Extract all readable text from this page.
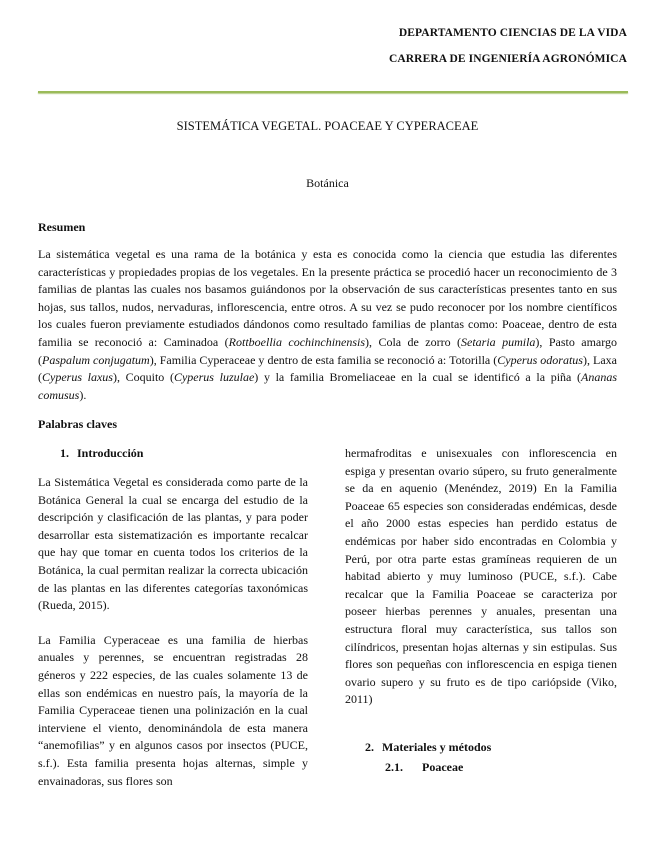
DEPARTAMENTO CIENCIAS DE LA VIDA
CARRERA DE INGENIERÍA AGRONÓMICA
SISTEMÁTICA VEGETAL. POACEAE Y CYPERACEAE
Botánica
Resumen

La sistemática vegetal es una rama de la botánica y esta es conocida como la ciencia que estudia las diferentes características y propiedades propias de los vegetales. En la presente práctica se procedió hacer un reconocimiento de 3 familias de plantas las cuales nos basamos guiándonos por la observación de sus características presentes tanto en sus hojas, sus tallos, nudos, nervaduras, inflorescencia, entre otros. A su vez se pudo reconocer por los nombre científicos los cuales fueron previamente estudiados dándonos como resultado familias de plantas como: Poaceae, dentro de esta familia se reconoció a: Caminadoa (Rottboellia cochinchinensis), Cola de zorro (Setaria pumila), Pasto amargo (Paspalum conjugatum), Familia Cyperaceae y dentro de esta familia se reconoció a: Totorilla (Cyperus odoratus), Laxa (Cyperus laxus), Coquito (Cyperus luzulae) y la familia Bromeliaceae en la cual se identificó a la piña (Ananas comusus).

Palabras claves
1. Introducción

La Sistemática Vegetal es considerada como parte de la Botánica General la cual se encarga del estudio de la descripción y clasificación de las plantas, y para poder desarrollar esta sistematización es importante recalcar que hay que tomar en cuenta todos los criterios de la Botánica, la cual permitan realizar la correcta ubicación de las plantas en las diferentes categorías taxonómicas (Rueda, 2015).

La Familia Cyperaceae es una familia de hierbas anuales y perennes, se encuentran registradas 28 géneros y 222 especies, de las cuales solamente 13 de ellas son endémicas en nuestro país, la mayoría de la Familia Cyperaceae tienen una polinización en la cual interviene el viento, denominándola de esta manera “anemofilias” y en algunos casos por insectos (PUCE, s.f.). Esta familia presenta hojas alternas, simple y envainadoras, sus flores son

hermafroditas e unisexuales con inflorescencia en espiga y presentan ovario súpero, su fruto generalmente se da en aquenio (Menéndez, 2019) En la Familia Poaceae 65 especies son consideradas endémicas, desde el año 2000 estas especies han perdido estatus de endémicas por haber sido encontradas en Colombia y Perú, por otra parte estas gramíneas requieren de un habitad abierto y muy luminoso (PUCE, s.f.). Cabe recalcar que la Familia Poaceae se caracteriza por poseer hierbas perennes y anuales, presentan una estructura floral muy característica, sus tallos son cilíndricos, presentan hojas alternas y sin estipulas. Sus flores son pequeñas con inflorescencia en espiga tienen ovario supero y su fruto es de tipo cariópside (Viko, 2011)

2. Materiales y métodos
2.1. Poaceae
